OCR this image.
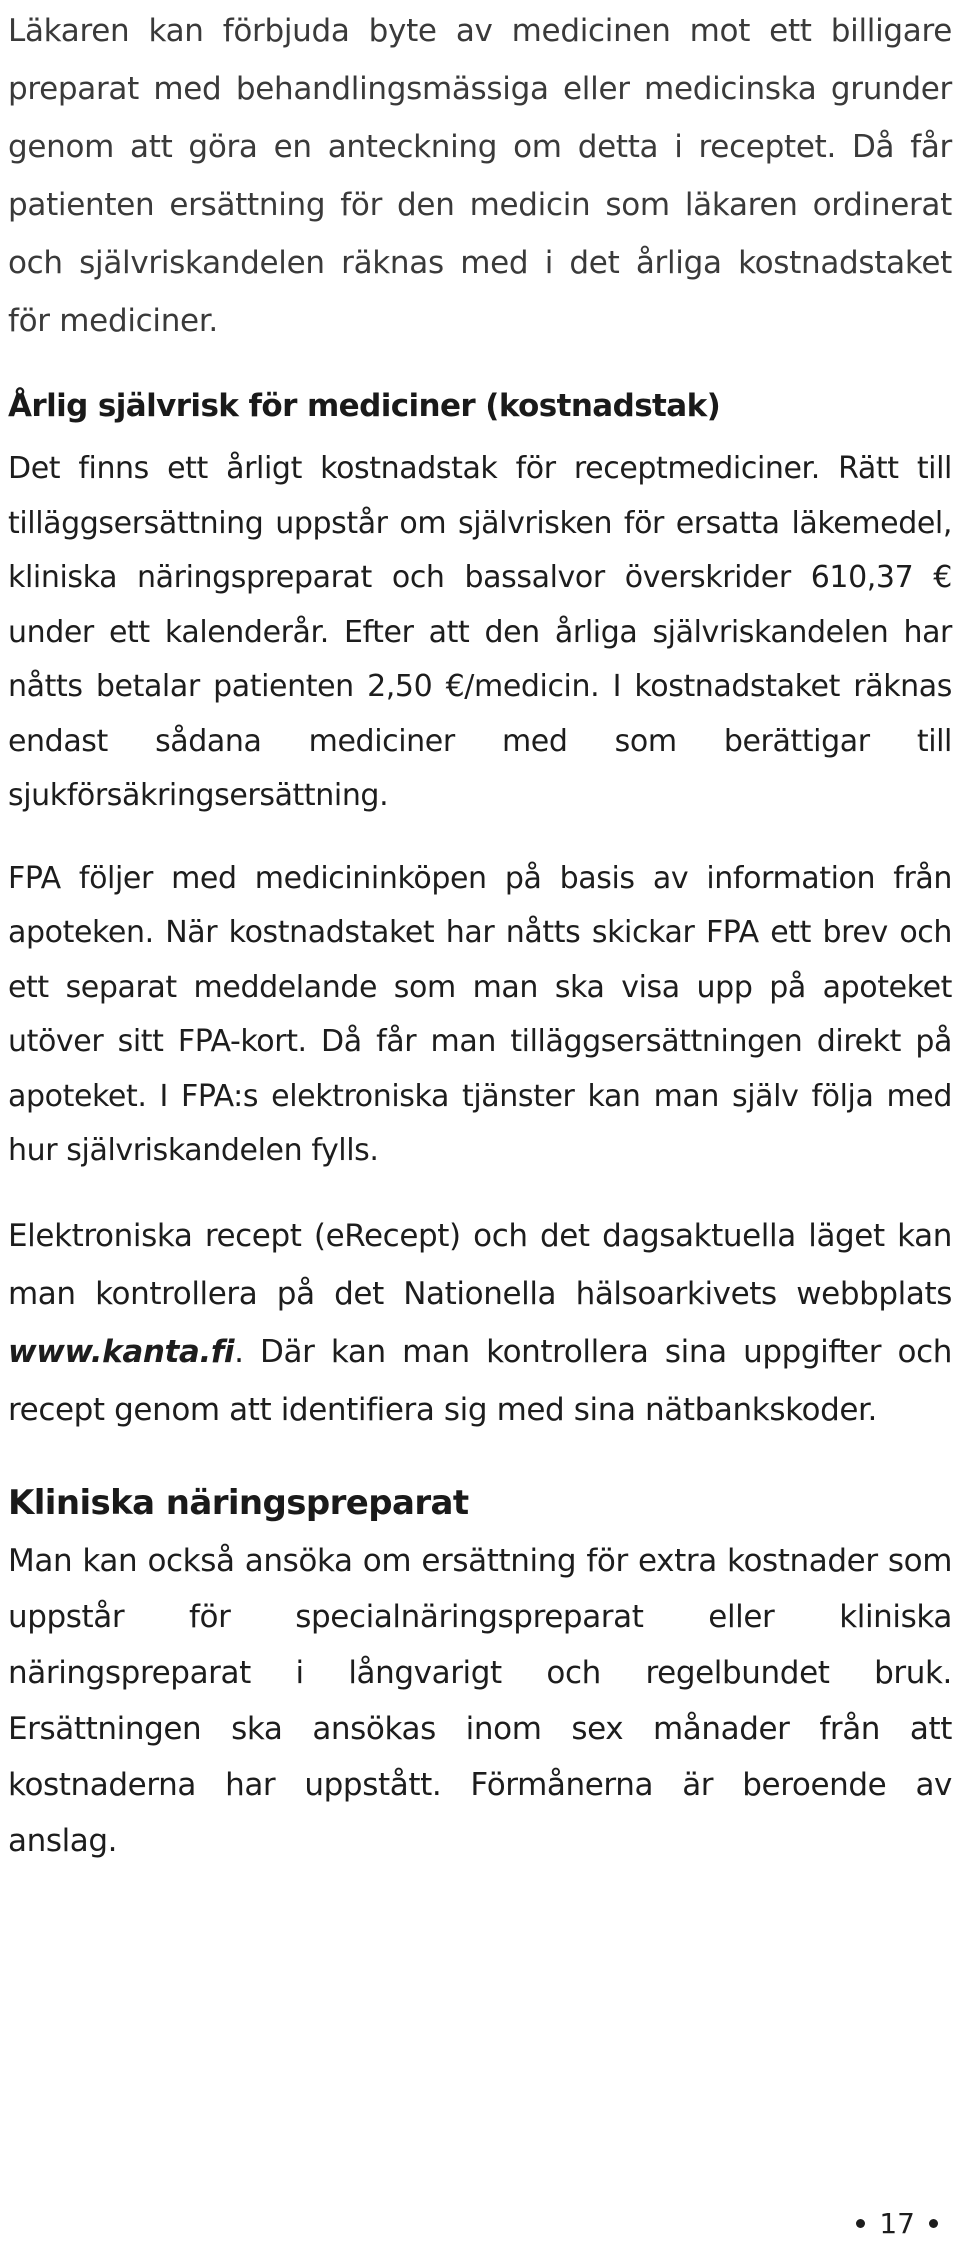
Läkaren kan förbjuda byte av medicinen mot ett billigare preparat med behandlingsmässiga eller medicinska grunder genom att göra en anteckning om detta i receptet. Då får patienten ersättning för den medicin som läkaren ordinerat och självriskandelen räknas med i det årliga kostnadstaket för mediciner.

Årlig självrisk för mediciner (kostnadstak)

Det finns ett årligt kostnadstak för receptmediciner. Rätt till tilläggsersättning uppstår om självrisken för ersatta läkemedel, kliniska näringspreparat och bassalvor överskrider 610,37 € under ett kalenderår. Efter att den årliga självriskandelen har nåtts betalar patienten 2,50 €/medicin. I kostnadstaket räknas endast sådana mediciner med som berättigar till sjukförsäkringsersättning.

FPA följer med medicininköpen på basis av information från apoteken. När kostnadstaket har nåtts skickar FPA ett brev och ett separat meddelande som man ska visa upp på apoteket utöver sitt FPA-kort. Då får man tilläggsersättningen direkt på apoteket. I FPA:s elektroniska tjänster kan man själv följa med hur självriskandelen fylls.

Elektroniska recept (eRecept) och det dagsaktuella läget kan man kontrollera på det Nationella hälsoarkivets webbplats www.kanta.fi. Där kan man kontrollera sina uppgifter och recept genom att identifiera sig med sina nätbankskoder.

Kliniska näringspreparat

Man kan också ansöka om ersättning för extra kostnader som uppstår för specialnäringspreparat eller kliniska näringspreparat i långvarigt och regelbundet bruk. Ersättningen ska ansökas inom sex månader från att kostnaderna har uppstått. Förmånerna är beroende av anslag.

17
